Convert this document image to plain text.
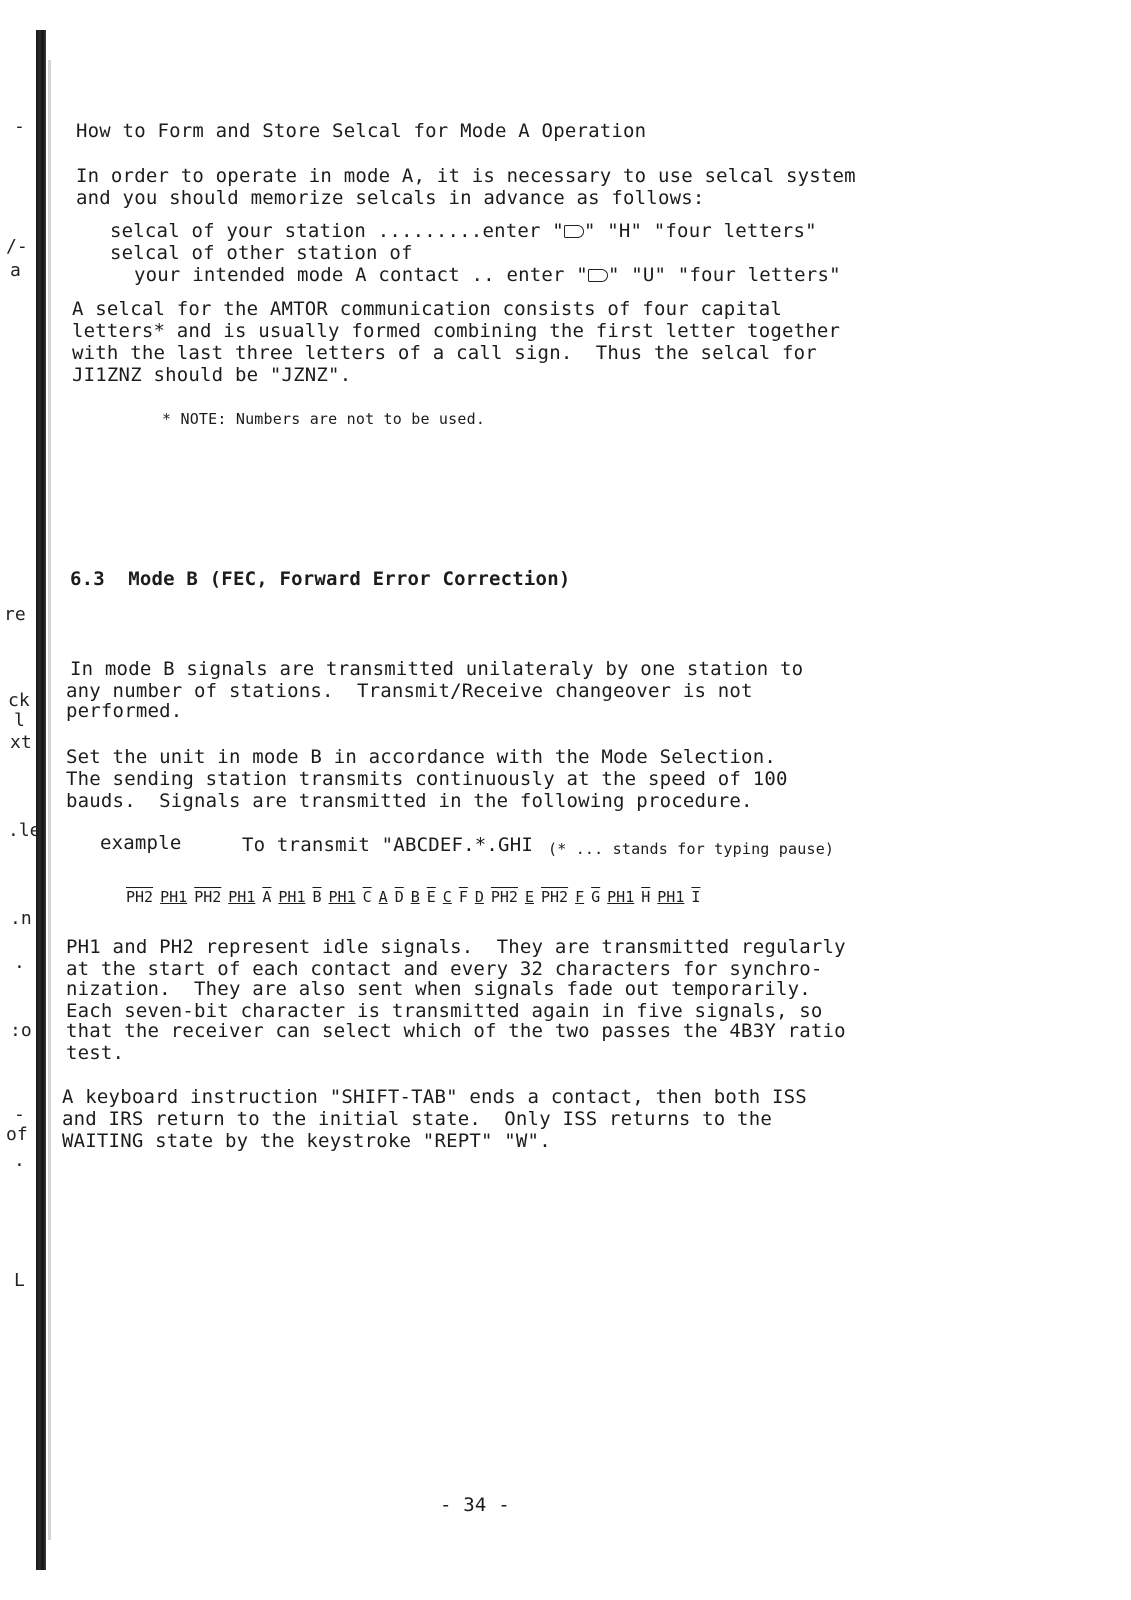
-
/-
a
re
ck
l
xt
.le
.n
.
:o
-
of
.
L
How to Form and Store Selcal for Mode A Operation
In order to operate in mode A, it is necessary to use selcal system
and you should memorize selcals in advance as follows:
selcal of your station .........enter " " "H" "four letters"
selcal of other station of
your intended mode A contact .. enter " " "U" "four letters"
A selcal for the AMTOR communication consists of four capital
letters* and is usually formed combining the first letter together
with the last three letters of a call sign.  Thus the selcal for
JI1ZNZ should be "JZNZ".
* NOTE: Numbers are not to be used.
6.3  Mode B (FEC, Forward Error Correction)
In mode B signals are transmitted unilateraly by one station to
any number of stations.  Transmit/Receive changeover is not
performed.
Set the unit in mode B in accordance with the Mode Selection.
The sending station transmits continuously at the speed of 100
bauds.  Signals are transmitted in the following procedure.
example	To transmit "ABCDEF.*.GHI (* ... stands for typing pause)
PH2 PH1 PH2 PH1 $\overline{A}$ PH1 $\overline{B}$ PH1 $\overline{C}$ A $\overline{D}$ B $\overline{E}$ C $\overline{F}$ D PH2 E PH2 F $\overline{G}$ PH1 $\overline{H}$ PH1 $\overline{I}$
PH1 and PH2 represent idle signals.  They are transmitted regularly
at the start of each contact and every 32 characters for synchro-
nization.  They are also sent when signals fade out temporarily.
Each seven-bit character is transmitted again in five signals, so
that the receiver can select which of the two passes the 4B3Y ratio
test.
A keyboard instruction "SHIFT-TAB" ends a contact, then both ISS
and IRS return to the initial state.  Only ISS returns to the
WAITING state by the keystroke "REPT" "W".
- 34 -
